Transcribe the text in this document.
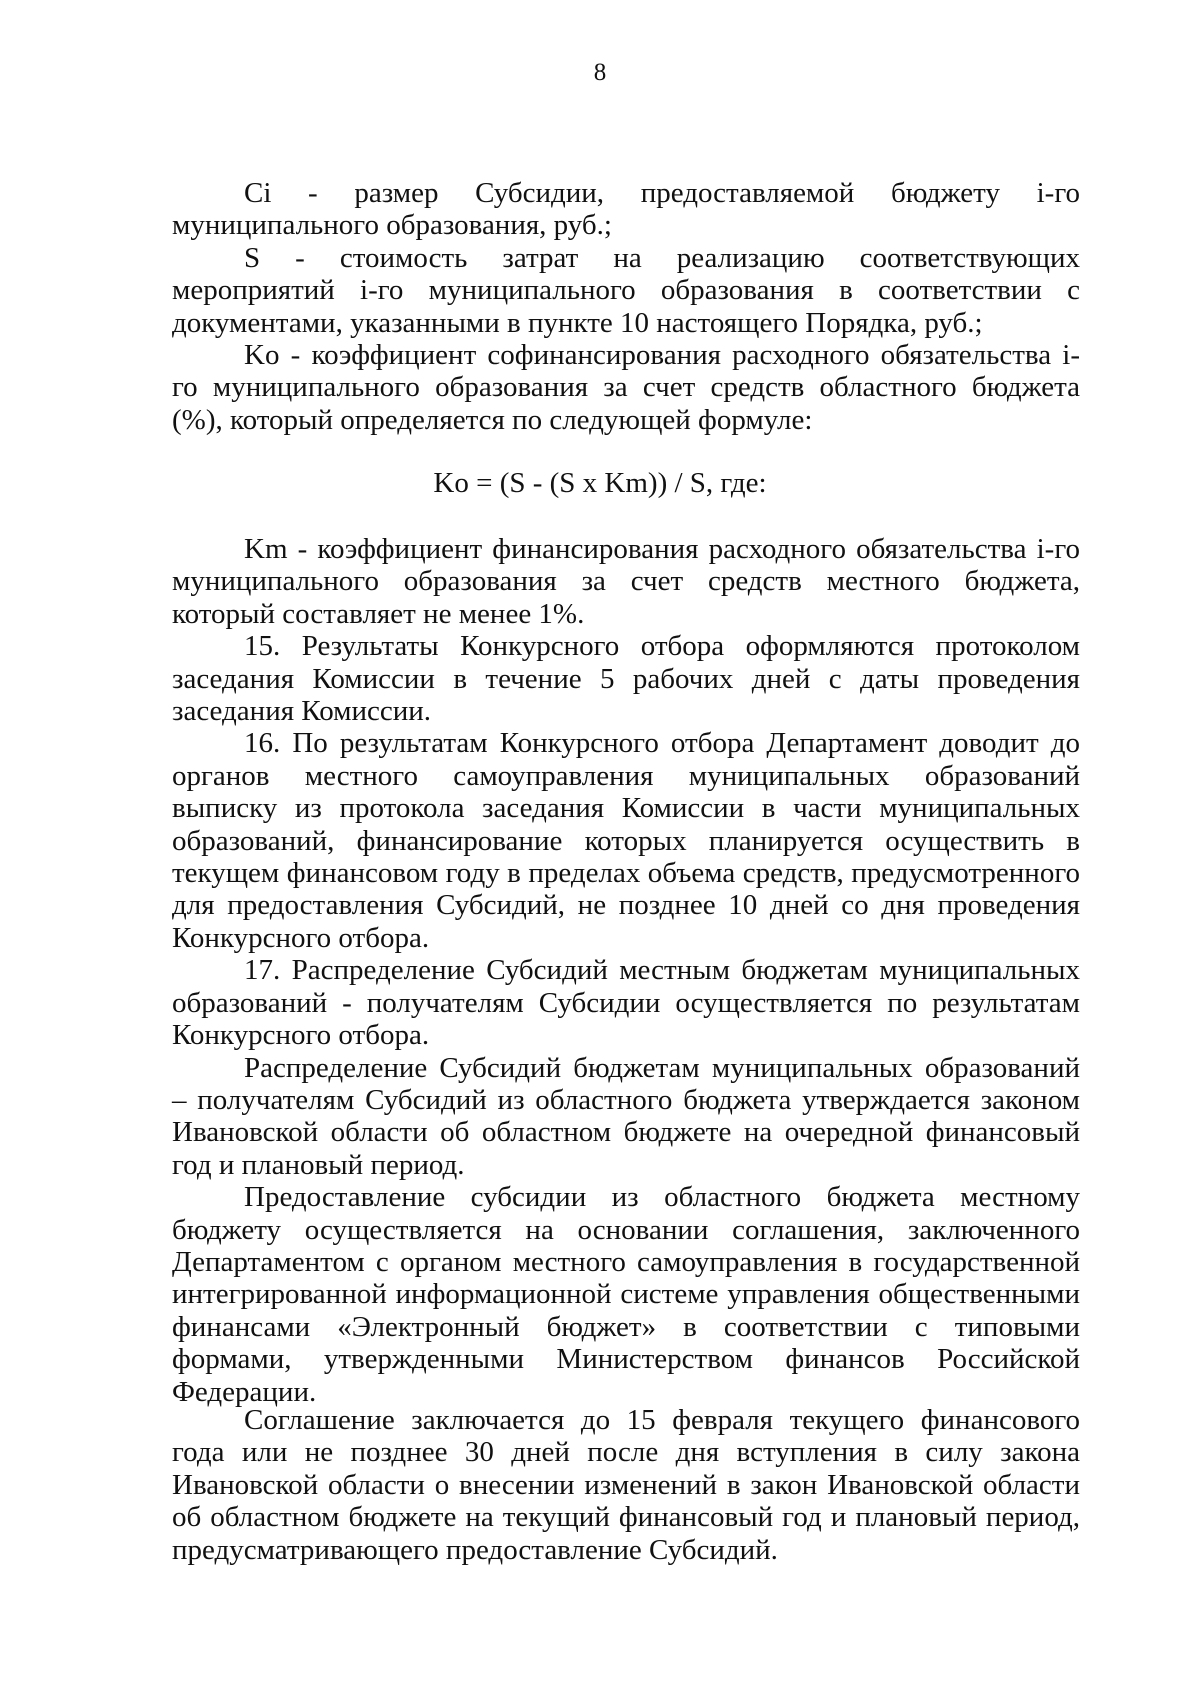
8

Ci - размер Субсидии, предоставляемой бюджету i-го муниципального образования, руб.;

S - стоимость затрат на реализацию соответствующих мероприятий i-го муниципального образования в соответствии с документами, указанными в пункте 10 настоящего Порядка, руб.;

Ko - коэффициент софинансирования расходного обязательства i-го муниципального образования за счет средств областного бюджета (%), который определяется по следующей формуле:

Ko = (S - (S x Km)) / S, где:

Km - коэффициент финансирования расходного обязательства i-го муниципального образования за счет средств местного бюджета, который составляет не менее 1%.

15. Результаты Конкурсного отбора оформляются протоколом заседания Комиссии в течение 5 рабочих дней с даты проведения заседания Комиссии.

16. По результатам Конкурсного отбора Департамент доводит до органов местного самоуправления муниципальных образований выписку из протокола заседания Комиссии в части муниципальных образований, финансирование которых планируется осуществить в текущем финансовом году в пределах объема средств, предусмотренного для предоставления Субсидий, не позднее 10 дней со дня проведения Конкурсного отбора.

17. Распределение Субсидий местным бюджетам муниципальных образований - получателям Субсидии осуществляется по результатам Конкурсного отбора.

Распределение Субсидий бюджетам муниципальных образований – получателям Субсидий из областного бюджета утверждается законом Ивановской области об областном бюджете на очередной финансовый год и плановый период.

Предоставление субсидии из областного бюджета местному бюджету осуществляется на основании соглашения, заключенного Департаментом с органом местного самоуправления в государственной интегрированной информационной системе управления общественными финансами «Электронный бюджет» в соответствии с типовыми формами, утвержденными Министерством финансов Российской Федерации.

Соглашение заключается до 15 февраля текущего финансового года или не позднее 30 дней после дня вступления в силу закона Ивановской области о внесении изменений в закон Ивановской области об областном бюджете на текущий финансовый год и плановый период, предусматривающего предоставление Субсидий.
